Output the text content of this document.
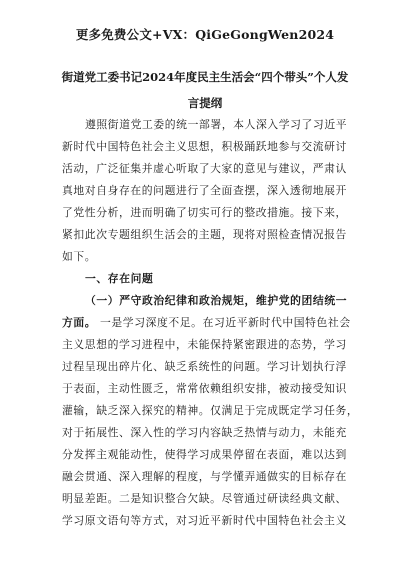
更多免费公文+VX：QiGeGongWen2024
街道党工委书记2024年度民主生活会“四个带头”个人发
言提纲
遵照街道党工委的统一部署，本人深入学习了习近平
新时代中国特色社会主义思想，积极踊跃地参与交流研讨
活动，广泛征集并虚心听取了大家的意见与建议，严肃认
真地对自身存在的问题进行了全面查摆，深入透彻地展开
了党性分析，进而明确了切实可行的整改措施。接下来，
紧扣此次专题组织生活会的主题，现将对照检查情况报告
如下。
一、存在问题
（一）严守政治纪律和政治规矩，维护党的团结统一
方面。 一是学习深度不足。在习近平新时代中国特色社会
主义思想的学习进程中，未能保持紧密跟进的态势，学习
过程呈现出碎片化、缺乏系统性的问题。学习计划执行浮
于表面，主动性匮乏，常常依赖组织安排，被动接受知识
灌输，缺乏深入探究的精神。仅满足于完成既定学习任务，
对于拓展性、深入性的学习内容缺乏热情与动力，未能充
分发挥主观能动性，使得学习成果停留在表面，难以达到
融会贯通、深入理解的程度，与学懂弄通做实的目标存在
明显差距。二是知识整合欠缺。尽管通过研读经典文献、
学习原文语句等方式，对习近平新时代中国特色社会主义
